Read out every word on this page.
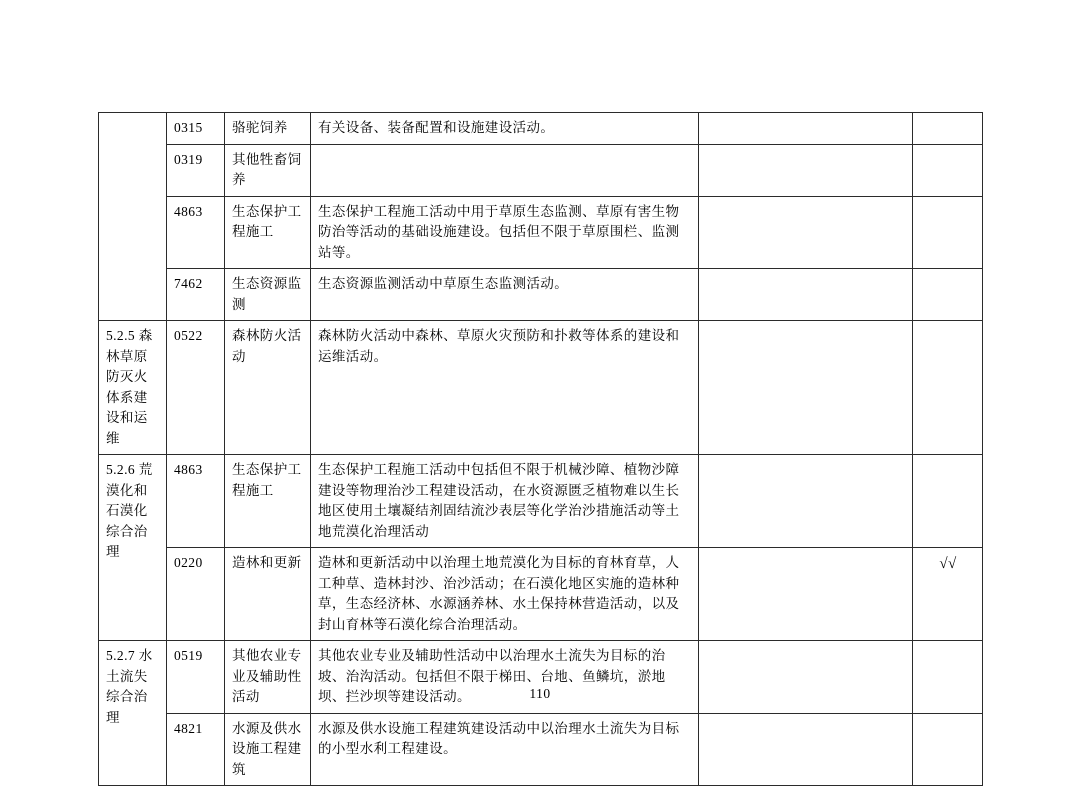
	0315	骆驼饲养	有关设备、装备配置和设施建设活动。		
	0319	其他牲畜饲养			
	4863	生态保护工程施工	生态保护工程施工活动中用于草原生态监测、草原有害生物防治等活动的基础设施建设。包括但不限于草原围栏、监测站等。		
	7462	生态资源监测	生态资源监测活动中草原生态监测活动。		
5.2.5 森林草原防灭火体系建设和运维	0522	森林防火活动	森林防火活动中森林、草原火灾预防和扑救等体系的建设和运维活动。		
5.2.6 荒漠化和石漠化综合治理	4863	生态保护工程施工	生态保护工程施工活动中包括但不限于机械沙障、植物沙障建设等物理治沙工程建设活动，在水资源匮乏植物难以生长地区使用土壤凝结剂固结流沙表层等化学治沙措施活动等土地荒漠化治理活动		
	0220	造林和更新	造林和更新活动中以治理土地荒漠化为目标的育林育草，人工种草、造林封沙、治沙活动；在石漠化地区实施的造林种草，生态经济林、水源涵养林、水土保持林营造活动，以及封山育林等石漠化综合治理活动。		√√
5.2.7 水土流失综合治理	0519	其他农业专业及辅助性活动	其他农业专业及辅助性活动中以治理水土流失为目标的治坡、治沟活动。包括但不限于梯田、台地、鱼鳞坑，淤地坝、拦沙坝等建设活动。		
	4821	水源及供水设施工程建筑	水源及供水设施工程建筑建设活动中以治理水土流失为目标的小型水利工程建设。		
110
